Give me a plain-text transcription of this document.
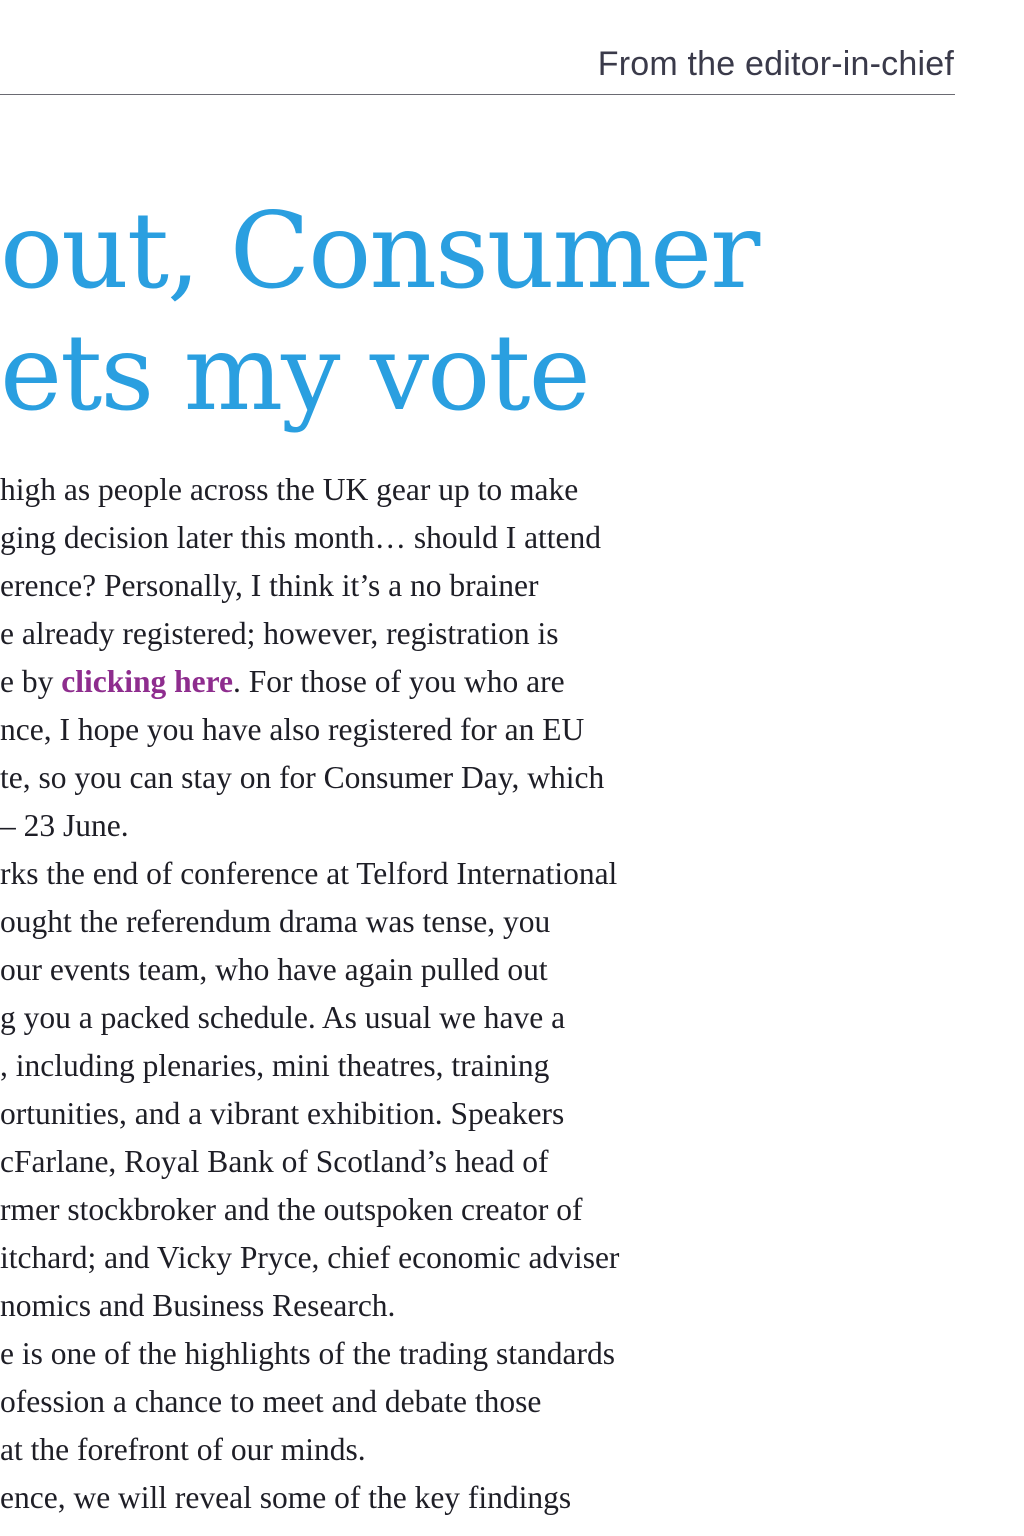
From the editor-in-chief
out, Consumer
ets my vote
high as people across the UK gear up to make
ging decision later this month… should I attend
erence? Personally, I think it’s a no brainer
e already registered; however, registration is
e by clicking here. For those of you who are
nce, I hope you have also registered for an EU
te, so you can stay on for Consumer Day, which
– 23 June.
rks the end of conference at Telford International
ought the referendum drama was tense, you
our events team, who have again pulled out
g you a packed schedule. As usual we have a
, including plenaries, mini theatres, training
ortunities, and a vibrant exhibition. Speakers
cFarlane, Royal Bank of Scotland’s head of
rmer stockbroker and the outspoken creator of
itchard; and Vicky Pryce, chief economic adviser
nomics and Business Research.
e is one of the highlights of the trading standards
ofession a chance to meet and debate those
at the forefront of our minds.
ence, we will reveal some of the key findings
